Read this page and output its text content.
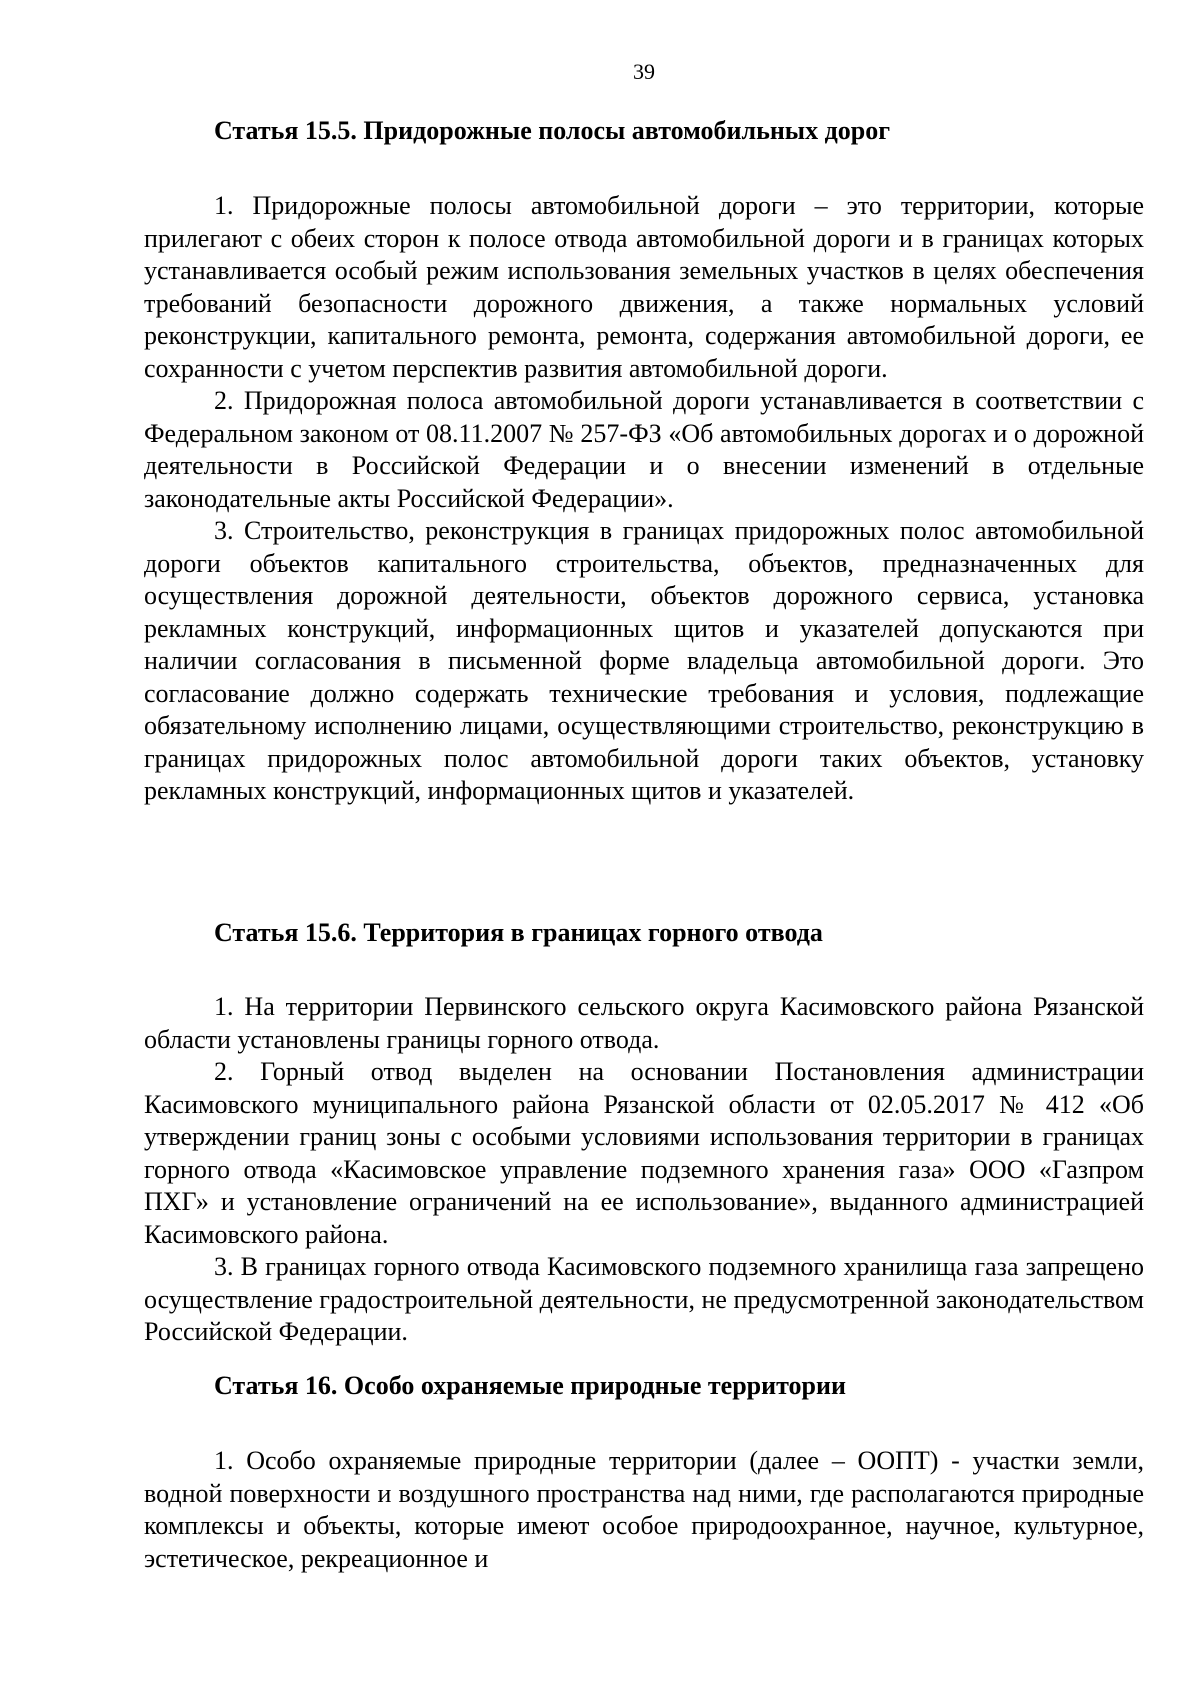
39
Статья 15.5. Придорожные полосы автомобильных дорог

1. Придорожные полосы автомобильной дороги – это территории, которые прилегают с обеих сторон к полосе отвода автомобильной дороги и в границах которых устанавливается особый режим использования земельных участков в целях обеспечения требований безопасности дорожного движения, а также нормальных условий реконструкции, капитального ремонта, ремонта, содержания автомобильной дороги, ее сохранности с учетом перспектив развития автомобильной дороги.

2. Придорожная полоса автомобильной дороги устанавливается в соответствии с Федеральном законом от 08.11.2007 № 257-ФЗ «Об автомобильных дорогах и о дорожной деятельности в Российской Федерации и о внесении изменений в отдельные законодательные акты Российской Федерации».

3. Строительство, реконструкция в границах придорожных полос автомобильной дороги объектов капитального строительства, объектов, предназначенных для осуществления дорожной деятельности, объектов дорожного сервиса, установка рекламных конструкций, информационных щитов и указателей допускаются при наличии согласования в письменной форме владельца автомобильной дороги. Это согласование должно содержать технические требования и условия, подлежащие обязательному исполнению лицами, осуществляющими строительство, реконструкцию в границах придорожных полос автомобильной дороги таких объектов, установку рекламных конструкций, информационных щитов и указателей.

Статья 15.6. Территория в границах горного отвода

1. На территории Первинского сельского округа Касимовского района Рязанской области установлены границы горного отвода.

2. Горный отвод выделен на основании Постановления администрации Касимовского муниципального района Рязанской области от 02.05.2017 № 412 «Об утверждении границ зоны с особыми условиями использования территории в границах горного отвода «Касимовское управление подземного хранения газа» ООО «Газпром ПХГ» и установление ограничений на ее использование», выданного администрацией Касимовского района.

3. В границах горного отвода Касимовского подземного хранилища газа запрещено осуществление градостроительной деятельности, не предусмотренной законодательством Российской Федерации.

Статья 16. Особо охраняемые природные территории

1. Особо охраняемые природные территории (далее – ООПТ) - участки земли, водной поверхности и воздушного пространства над ними, где располагаются природные комплексы и объекты, которые имеют особое природоохранное, научное, культурное, эстетическое, рекреационное и
